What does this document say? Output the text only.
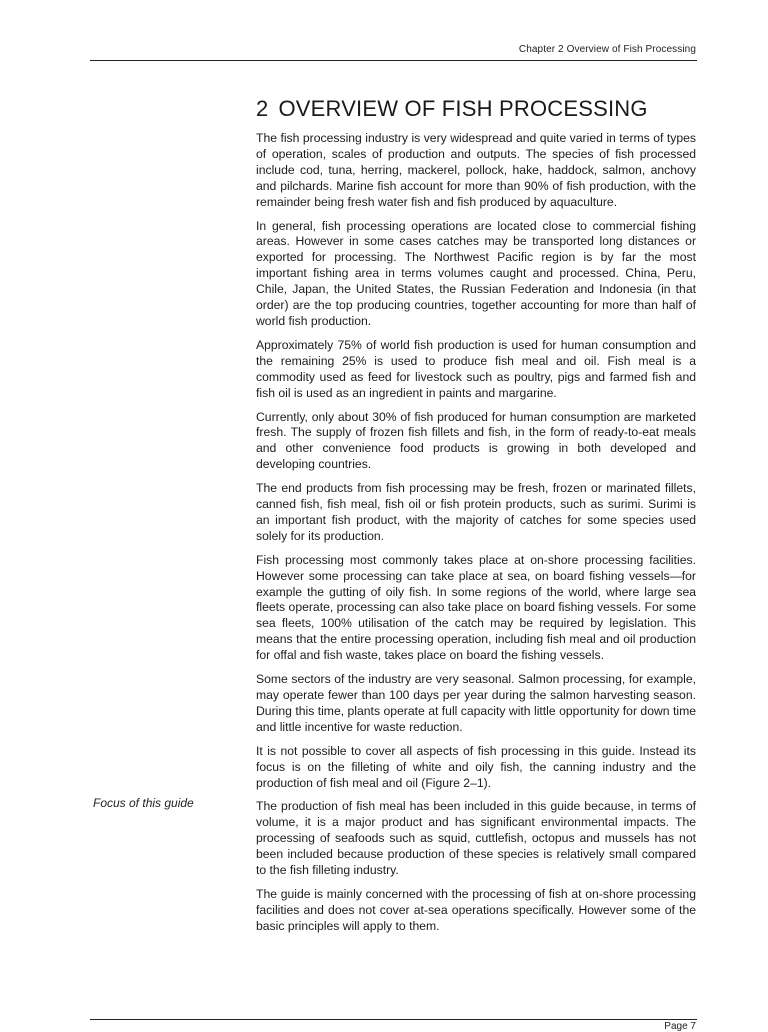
Chapter 2 Overview of Fish Processing
Focus of this guide
2 OVERVIEW OF FISH PROCESSING

The fish processing industry is very widespread and quite varied in terms of types of operation, scales of production and outputs. The species of fish processed include cod, tuna, herring, mackerel, pollock, hake, haddock, salmon, anchovy and pilchards. Marine fish account for more than 90% of fish production, with the remainder being fresh water fish and fish produced by aquaculture.

In general, fish processing operations are located close to commercial fishing areas. However in some cases catches may be transported long distances or exported for processing. The Northwest Pacific region is by far the most important fishing area in terms volumes caught and processed. China, Peru, Chile, Japan, the United States, the Russian Federation and Indonesia (in that order) are the top producing countries, together accounting for more than half of world fish production.

Approximately 75% of world fish production is used for human consumption and the remaining 25% is used to produce fish meal and oil. Fish meal is a commodity used as feed for livestock such as poultry, pigs and farmed fish and fish oil is used as an ingredient in paints and margarine.

Currently, only about 30% of fish produced for human consumption are marketed fresh. The supply of frozen fish fillets and fish, in the form of ready-to-eat meals and other convenience food products is growing in both developed and developing countries.

The end products from fish processing may be fresh, frozen or marinated fillets, canned fish, fish meal, fish oil or fish protein products, such as surimi. Surimi is an important fish product, with the majority of catches for some species used solely for its production.

Fish processing most commonly takes place at on-shore processing facilities. However some processing can take place at sea, on board fishing vessels—for example the gutting of oily fish. In some regions of the world, where large sea fleets operate, processing can also take place on board fishing vessels. For some sea fleets, 100% utilisation of the catch may be required by legislation. This means that the entire processing operation, including fish meal and oil production for offal and fish waste, takes place on board the fishing vessels.

Some sectors of the industry are very seasonal. Salmon processing, for example, may operate fewer than 100 days per year during the salmon harvesting season. During this time, plants operate at full capacity with little opportunity for down time and little incentive for waste reduction.

It is not possible to cover all aspects of fish processing in this guide. Instead its focus is on the filleting of white and oily fish, the canning industry and the production of fish meal and oil (Figure 2–1).

The production of fish meal has been included in this guide because, in terms of volume, it is a major product and has significant environmental impacts. The processing of seafoods such as squid, cuttlefish, octopus and mussels has not been included because production of these species is relatively small compared to the fish filleting industry.

The guide is mainly concerned with the processing of fish at on-shore processing facilities and does not cover at-sea operations specifically. However some of the basic principles will apply to them.

Page 7
